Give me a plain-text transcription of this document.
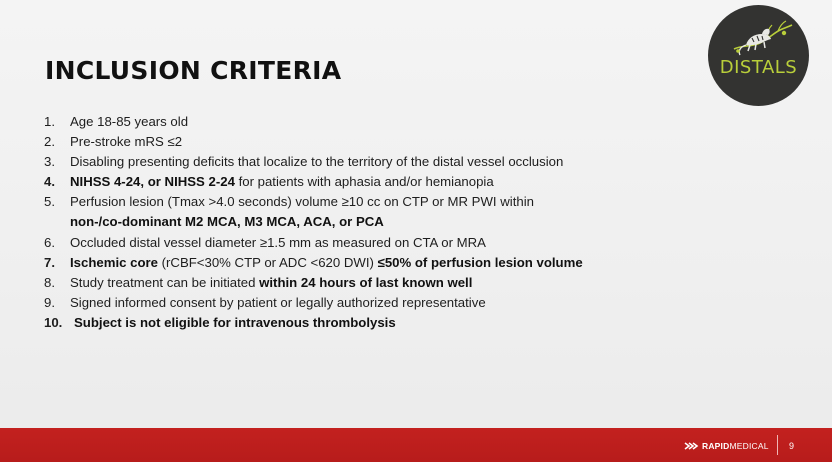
INCLUSION CRITERIA	DISTALS
1. Age 18-85 years old
2. Pre-stroke mRS ≤2
3. Disabling presenting deficits that localize to the territory of the distal vessel occlusion
4. NIHSS 4-24, or NIHSS 2-24 for patients with aphasia and/or hemianopia
5. Perfusion lesion (Tmax >4.0 seconds) volume ≥10 cc on CTP or MR PWI within
non-/co-dominant M2 MCA, M3 MCA, ACA, or PCA
6. Occluded distal vessel diameter ≥1.5 mm as measured on CTA or MRA
7. Ischemic core (rCBF<30% CTP or ADC <620 DWI) ≤50% of perfusion lesion volume
8. Study treatment can be initiated within 24 hours of last known well
9. Signed informed consent by patient or legally authorized representative
10. Subject is not eligible for intravenous thrombolysis
RAPIDMEDICAL 9
